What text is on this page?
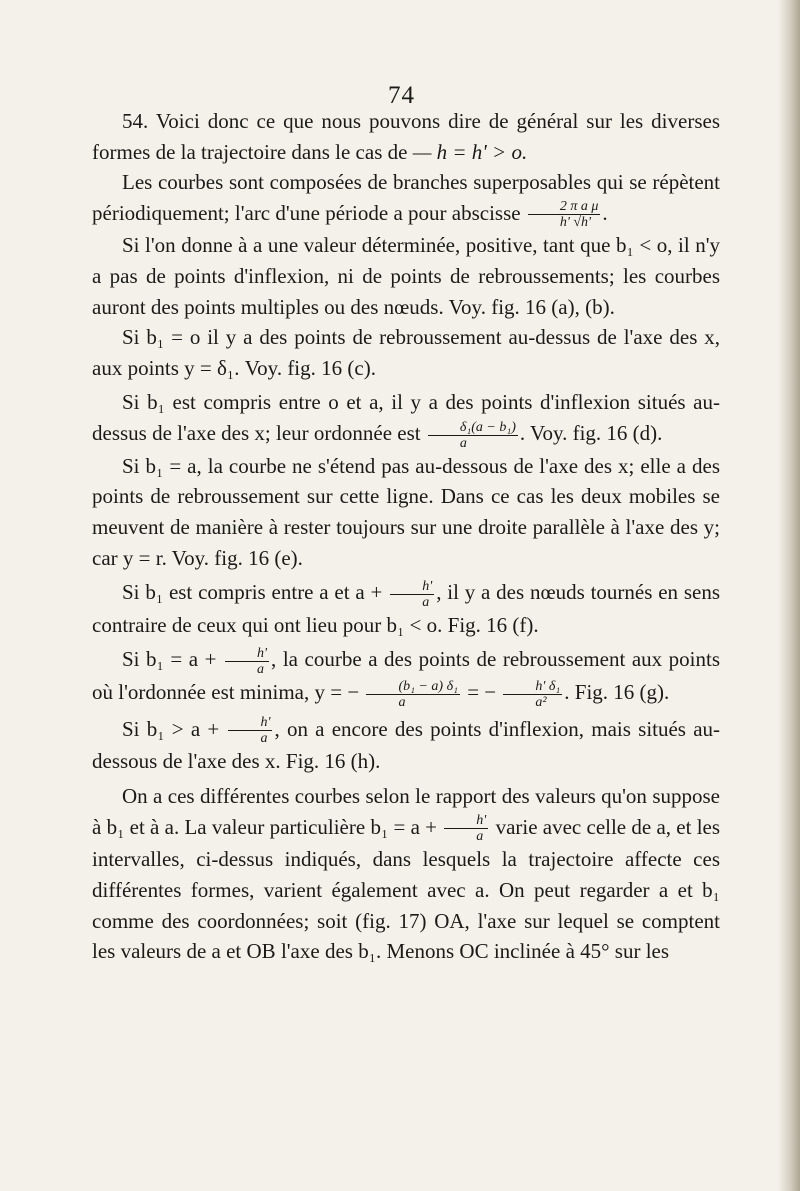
74

54. Voici donc ce que nous pouvons dire de général sur les diverses formes de la trajectoire dans le cas de — h = h' > o.

Les courbes sont composées de branches superposables qui se répètent périodiquement; l'arc d'une période a pour abscisse $\frac{\text{2 π a μ}}{h' √h'}$ .

Si l'on donne à a une valeur déterminée, positive, tant que b₁ < o, il n'y a pas de points d'inflexion, ni de points de rebroussements; les courbes auront des points multiples ou des nœuds. Voy. fig. 16 (a), (b).

Si b₁ = o il y a des points de rebroussement au-dessus de l'axe des x, aux points y = δ₁. Voy. fig. 16 (c).

Si b₁ est compris entre o et a, il y a des points d'inflexion situés au-dessus de l'axe des x; leur ordonnée est $\frac{\text{δ₁(a − b₁)}}{a}$ . Voy. fig. 16 (d).

Si b₁ = a, la courbe ne s'étend pas au-dessous de l'axe des x; elle a des points de rebroussement sur cette ligne. Dans ce cas les deux mobiles se meuvent de manière à rester toujours sur une droite parallèle à l'axe des y; car y = r. Voy. fig. 16 (e).

Si b₁ est compris entre a et $a + \frac{h'}{a}$ , il y a des nœuds tournés en sens contraire de ceux qui ont lieu pour b₁ < o. Fig. 16 (f).

Si $b_1 = a + \frac{h'}{a}$ , la courbe a des points de rebroussement aux points où l'ordonnée est minima, y = − $\frac{\text{(b₁ − a) δ₁}}{a}$ = − $\frac{\text{h' δ₁}}{\text{a²}}$ . Fig. 16 (g).

Si $b_1 > a + \frac{h'}{a}$ , on a encore des points d'inflexion, mais situés au-dessous de l'axe des x. Fig. 16 (h).

On a ces différentes courbes selon le rapport des valeurs qu'on suppose à b₁ et à a. La valeur particulière $b_1 = a + \frac{h'}{a}$ varie avec celle de a, et les intervalles, ci-dessus indiqués, dans lesquels la trajectoire affecte ces différentes formes, varient également avec a. On peut regarder a et b₁ comme des coordonnées; soit (fig. 17) OA, l'axe sur lequel se comptent les valeurs de a et OB l'axe des b₁. Menons OC inclinée à 45° sur les
